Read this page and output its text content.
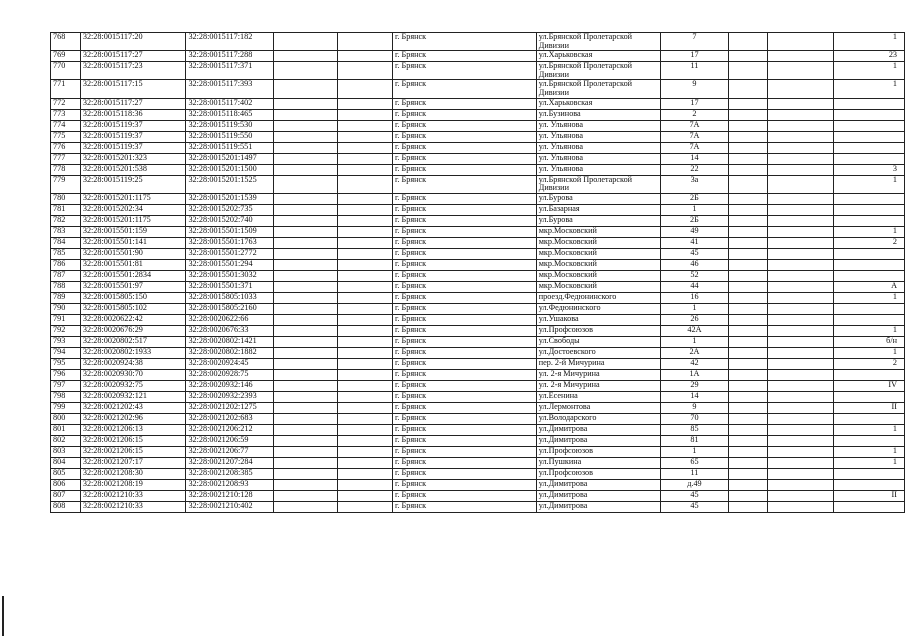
768	32:28:0015117:20	32:28:0015117:182			г. Брянск	ул.Брянской Пролетарской Дивизии	7			1
769	32:28:0015117:27	32:28:0015117:288			г. Брянск	ул.Харьковская	17			23
770	32:28:0015117:23	32:28:0015117:371			г. Брянск	ул.Брянской Пролетарской Дивизии	11			1
771	32:28:0015117:15	32:28:0015117:393			г. Брянск	ул.Брянской Пролетарской Дивизии	9			1
772	32:28:0015117:27	32:28:0015117:402			г. Брянск	ул.Харьковская	17			
773	32:28:0015118:36	32:28:0015118:465			г. Брянск	ул.Бузинова	2			
774	32:28:0015119:37	32:28:0015119:530			г. Брянск	ул. Ульянова	7А			
775	32:28:0015119:37	32:28:0015119:550			г. Брянск	ул. Ульянова	7А			
776	32:28:0015119:37	32:28:0015119:551			г. Брянск	ул. Ульянова	7А			
777	32:28:0015201:323	32:28:0015201:1497			г. Брянск	ул. Ульянова	14			
778	32:28:0015201:538	32:28:0015201:1500			г. Брянск	ул. Ульянова	22			3
779	32:28:0015119:25	32:28:0015201:1525			г. Брянск	ул.Брянской Пролетарской Дивизии	3а			1
780	32:28:0015201:1175	32:28:0015201:1539			г. Брянск	ул.Бурова	2Б			
781	32:28:0015202:34	32:28:0015202:735			г. Брянск	ул.Базарная	1			
782	32:28:0015201:1175	32:28:0015202:740			г. Брянск	ул.Бурова	2Б			
783	32:28:0015501:159	32:28:0015501:1509			г. Брянск	мкр.Московский	49			1
784	32:28:0015501:141	32:28:0015501:1763			г. Брянск	мкр.Московский	41			2
785	32:28:0015501:90	32:28:0015501:2772			г. Брянск	мкр.Московский	45			
786	32:28:0015501:81	32:28:0015501:294			г. Брянск	мкр.Московский	46			
787	32:28:0015501:2834	32:28:0015501:3032			г. Брянск	мкр.Московский	52			
788	32:28:0015501:97	32:28:0015501:371			г. Брянск	мкр.Московский	44			А
789	32:28:0015805:150	32:28:0015805:1033			г. Брянск	проезд.Федюнинского	16			1
790	32:28:0015805:102	32:28:0015805:2160			г. Брянск	ул.Федюнинского	1			
791	32:28:0020622:42	32:28:0020622:66			г. Брянск	ул.Ушакова	26			
792	32:28:0020676:29	32:28:0020676:33			г. Брянск	ул.Профсоюзов	42А			1
793	32:28:0020802:517	32:28:0020802:1421			г. Брянск	ул.Свободы	1			б/н
794	32:28:0020802:1933	32:28:0020802:1882			г. Брянск	ул.Достоевского	2А			1
795	32:28:0020924:38	32:28:0020924:45			г. Брянск	пер. 2-й Мичурина	42			2
796	32:28:0020930:70	32:28:0020928:75			г. Брянск	ул. 2-я Мичурина	1А			
797	32:28:0020932:75	32:28:0020932:146			г. Брянск	ул. 2-я Мичурина	29			IV
798	32:28:0020932:121	32:28:0020932:2393			г. Брянск	ул.Есенина	14			
799	32:28:0021202:43	32:28:0021202:1275			г. Брянск	ул.Лермонтова	9			II
800	32:28:0021202:96	32:28:0021202:683			г. Брянск	ул.Володарского	70			
801	32:28:0021206:13	32:28:0021206:212			г. Брянск	ул.Димитрова	85			1
802	32:28:0021206:15	32:28:0021206:59			г. Брянск	ул.Димитрова	81			
803	32:28:0021206:15	32:28:0021206:77			г. Брянск	ул.Профсоюзов	1			1
804	32:28:0021207:17	32:28:0021207:284			г. Брянск	ул.Пушкина	65			1
805	32:28:0021208:30	32:28:0021208:385			г. Брянск	ул.Профсоюзов	11			
806	32:28:0021208:19	32:28:0021208:93			г. Брянск	ул.Димитрова	д.49			
807	32:28:0021210:33	32:28:0021210:128			г. Брянск	ул.Димитрова	45			II
808	32:28:0021210:33	32:28:0021210:402			г. Брянск	ул.Димитрова	45			
